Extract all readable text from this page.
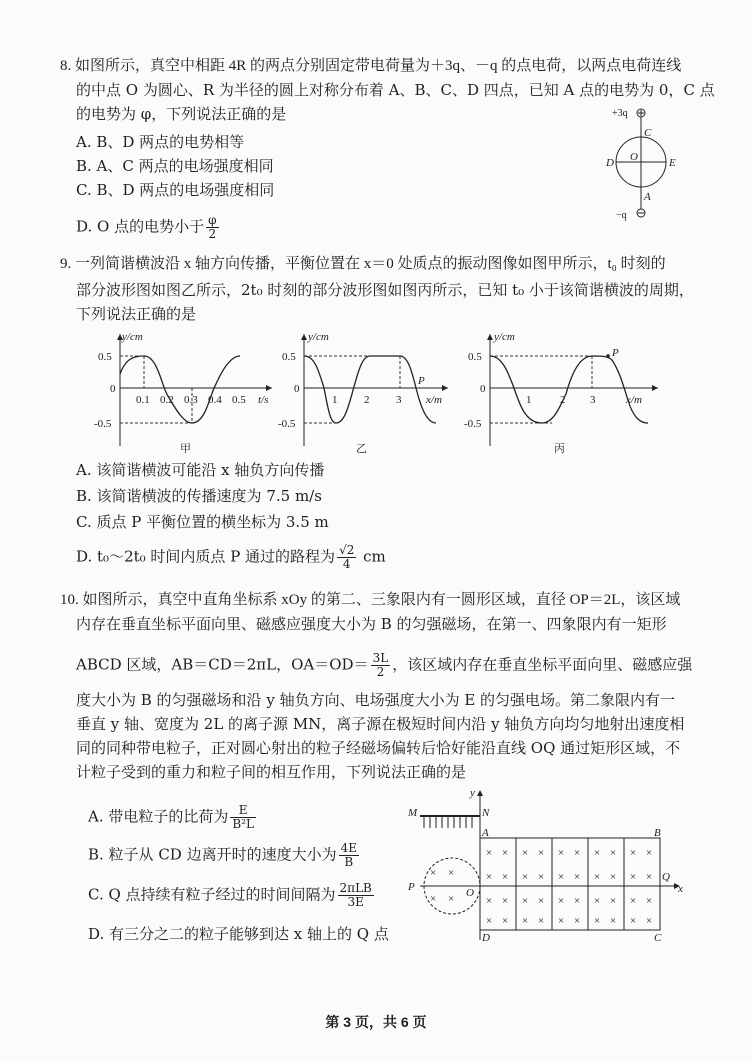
8. 如图所示，真空中相距 4R 的两点分别固定带电荷量为＋3q、－q 的点电荷，以两点电荷连线
的中点 O 为圆心、R 为半径的圆上对称分布着 A、B、C、D 四点，已知 A 点的电势为 0，C 点
的电势为 φ，下列说法正确的是
A. B、D 两点的电势相等
B. A、C 两点的电场强度相同
C. B、D 两点的电场强度相同
D. O 点的电势小于 $\frac{\varphi}{2}$
+3q
−q
C
O
D	E
A
9. 一列简谐横波沿 x 轴方向传播，平衡位置在 x＝0 处质点的振动图像如图甲所示，t₀ 时刻的
部分波形图如图乙所示，2t₀ 时刻的部分波形图如图丙所示，已知 t₀ 小于该简谐横波的周期，
下列说法正确的是
y/cm
t/s
0.5
0
-0.5
0.1 0.2 0.3 0.4 0.5
甲
y/cm
x/m
0.5
0
-0.5
1 2 3
P
乙
y/cm
x/m
0.5
0
-0.5
1	2 3
P
丙
A. 该简谐横波可能沿 x 轴负方向传播
B. 该简谐横波的传播速度为 7.5 m/s
C. 质点 P 平衡位置的横坐标为 3.5 m
D. t₀～2t₀ 时间内质点 P 通过的路程为 $\frac{√2}{4}$ cm
10. 如图所示，真空中直角坐标系 xOy 的第二、三象限内有一圆形区域，直径 OP＝2L，该区域
内存在垂直坐标平面向里、磁感应强度大小为 B 的匀强磁场，在第一、四象限内有一矩形
ABCD 区域，AB＝CD＝2πL，$OA=OD= \frac{3L}{2}$ ，该区域内存在垂直坐标平面向里、磁感应强
度大小为 B 的匀强磁场和沿 y 轴负方向、电场强度大小为 E 的匀强电场。第二象限内有一
垂直 y 轴、宽度为 2L 的离子源 MN，离子源在极短时间内沿 y 轴负方向均匀地射出速度相
同的同种带电粒子，正对圆心射出的粒子经磁场偏转后恰好能沿直线 OQ 通过矩形区域，不
计粒子受到的重力和粒子间的相互作用，下列说法正确的是
A. 带电粒子的比荷为 $\frac{E}{\text{B²L}}$
B. 粒子从 CD 边离开时的速度大小为 $\frac{4E}{B}$
C. Q 点持续有粒子经过的时间间隔为 $\frac{\text{2πLB}}{3E}$
D. 有三分之二的粒子能够到达 x 轴上的 Q 点
y
x
M	N
P	O
× ×
× ×
A	B
Q
D	C
× × × × × × × × × ×
× × × × × × × × × ×
× × × × × × × × × ×
× × × × × × × × × ×
第 3 页，共 6 页
